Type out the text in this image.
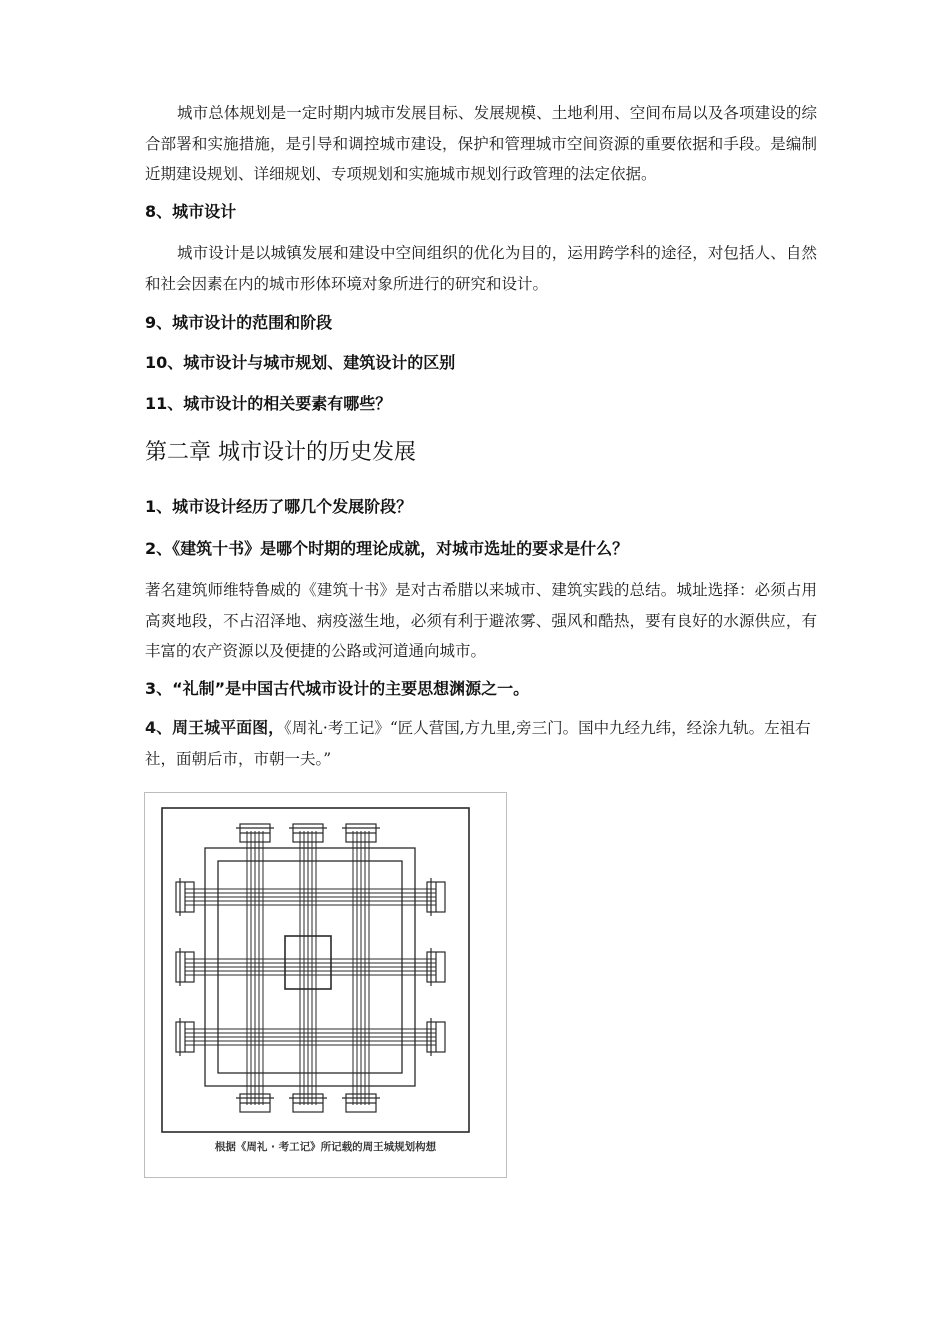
城市总体规划是一定时期内城市发展目标、发展规模、土地利用、空间布局以及各项建设的综合部署和实施措施，是引导和调控城市建设，保护和管理城市空间资源的重要依据和手段。是编制近期建设规划、详细规划、专项规划和实施城市规划行政管理的法定依据。

8、城市设计

城市设计是以城镇发展和建设中空间组织的优化为目的，运用跨学科的途径，对包括人、自然和社会因素在内的城市形体环境对象所进行的研究和设计。

9、城市设计的范围和阶段
10、城市设计与城市规划、建筑设计的区别
11、城市设计的相关要素有哪些？
第二章 城市设计的历史发展
1、城市设计经历了哪几个发展阶段？
2、《建筑十书》是哪个时期的理论成就，对城市选址的要求是什么？

著名建筑师维特鲁威的《建筑十书》是对古希腊以来城市、建筑实践的总结。城址选择：必须占用高爽地段，不占沼泽地、病疫滋生地，必须有利于避浓雾、强风和酷热，要有良好的水源供应，有丰富的农产资源以及便捷的公路或河道通向城市。

3、“礼制”是中国古代城市设计的主要思想渊源之一。

4、周王城平面图，《周礼·考工记》“匠人营国,方九里,旁三门。国中九经九纬，经涂九轨。左祖右社，面朝后市，市朝一夫。”

根据《周礼 · 考工记》所记载的周王城规划构想
